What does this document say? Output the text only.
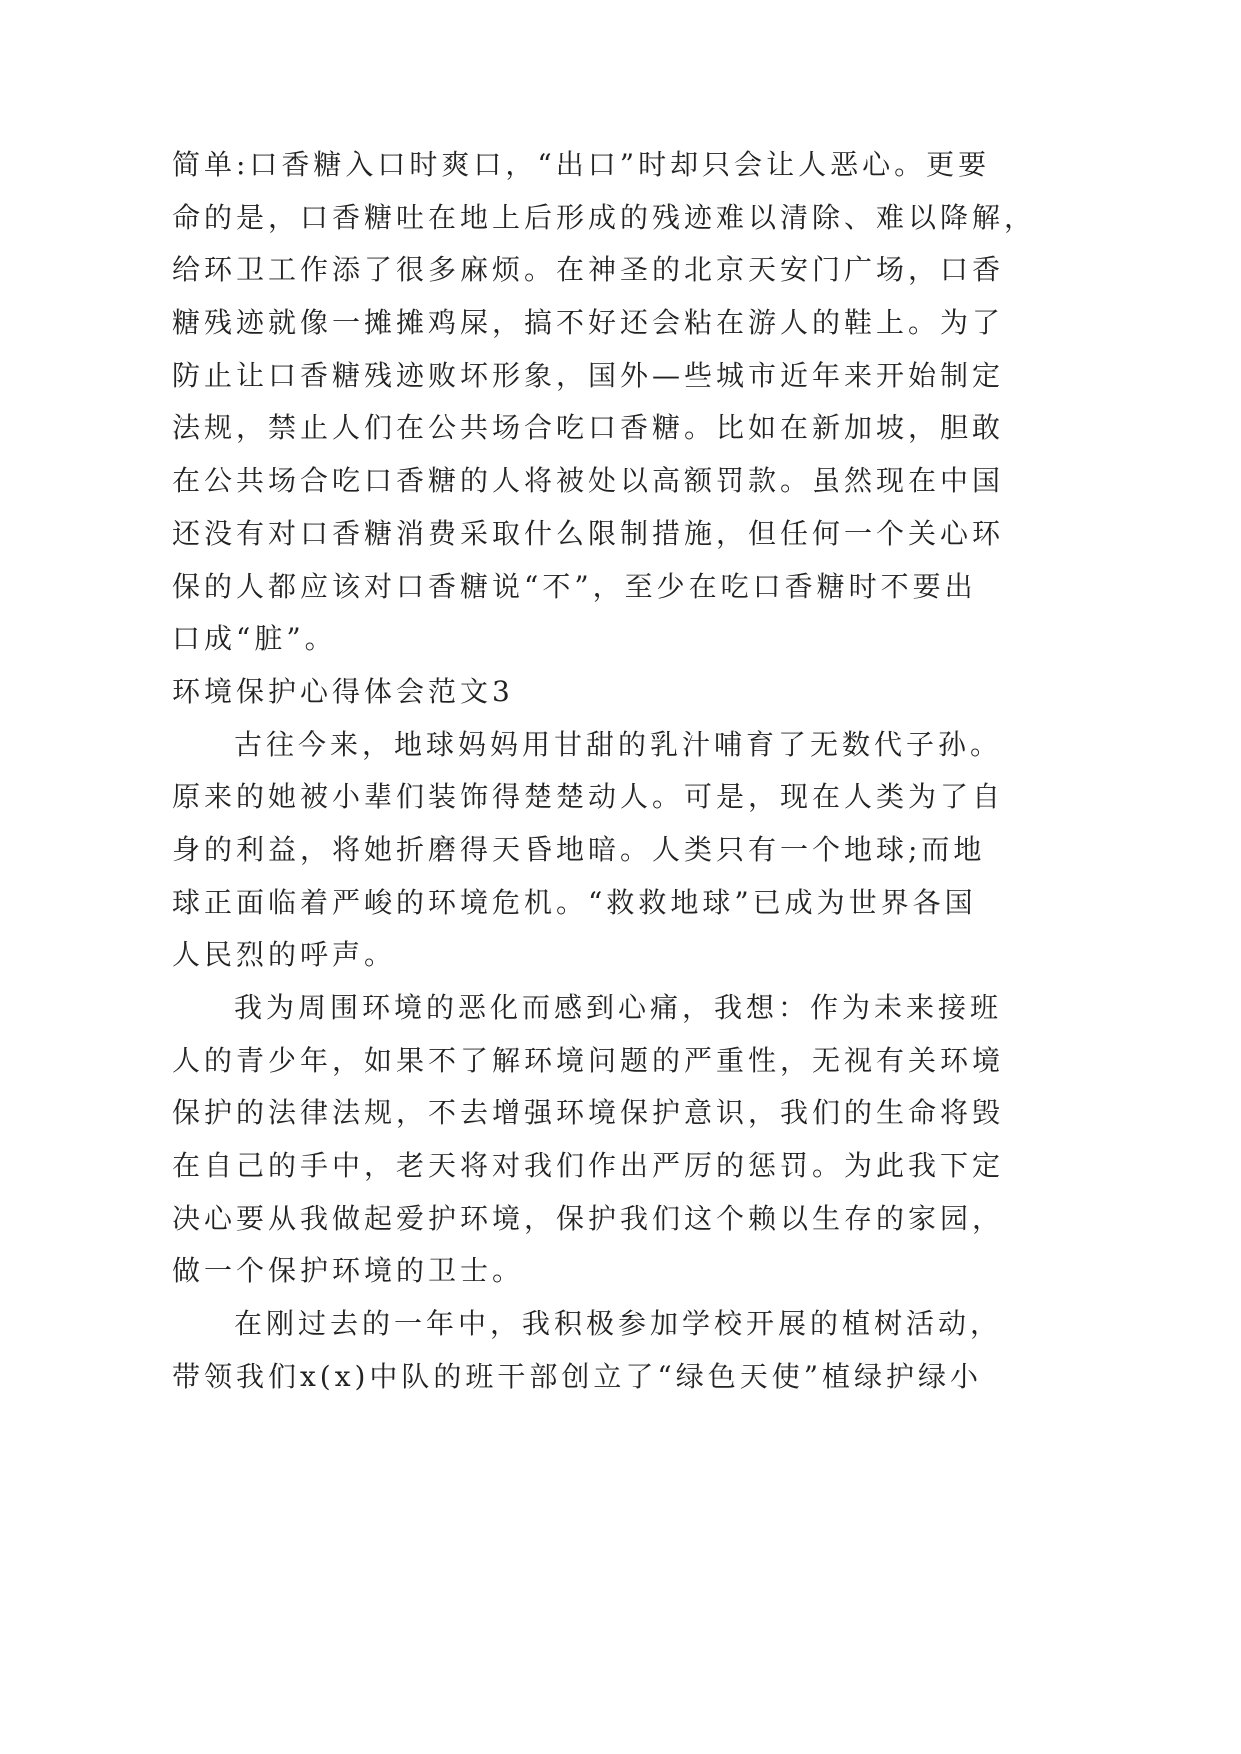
简单:口香糖入口时爽口，“出口”时却只会让人恶心。更要
命的是，口香糖吐在地上后形成的残迹难以清除、难以降解，
给环卫工作添了很多麻烦。在神圣的北京天安门广场，口香
糖残迹就像一摊摊鸡屎，搞不好还会粘在游人的鞋上。为了
防止让口香糖残迹败坏形象，国外—些城市近年来开始制定
法规，禁止人们在公共场合吃口香糖。比如在新加坡，胆敢
在公共场合吃口香糖的人将被处以高额罚款。虽然现在中国
还没有对口香糖消费采取什么限制措施，但任何一个关心环
保的人都应该对口香糖说“不”，至少在吃口香糖时不要出
口成“脏”。
环境保护心得体会范文3
古往今来，地球妈妈用甘甜的乳汁哺育了无数代子孙。
原来的她被小辈们装饰得楚楚动人。可是，现在人类为了自
身的利益，将她折磨得天昏地暗。人类只有一个地球;而地
球正面临着严峻的环境危机。“救救地球”已成为世界各国
人民烈的呼声。
我为周围环境的恶化而感到心痛，我想：作为未来接班
人的青少年，如果不了解环境问题的严重性，无视有关环境
保护的法律法规，不去增强环境保护意识，我们的生命将毁
在自己的手中，老天将对我们作出严厉的惩罚。为此我下定
决心要从我做起爱护环境，保护我们这个赖以生存的家园，
做一个保护环境的卫士。
在刚过去的一年中，我积极参加学校开展的植树活动，
带领我们x(x)中队的班干部创立了“绿色天使”植绿护绿小
